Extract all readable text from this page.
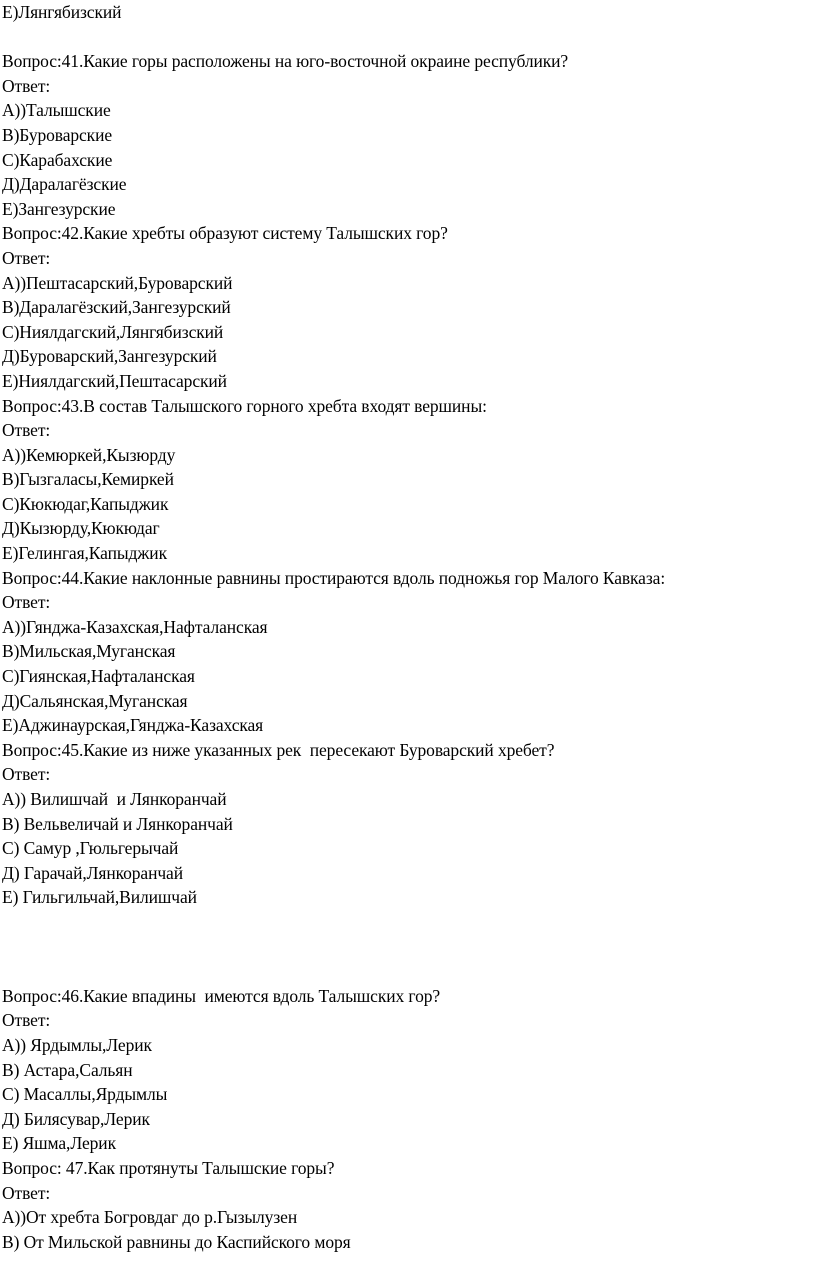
E)Лянгябизский
Вопрос:41.Какие горы расположены на юго-восточной окраине республики?
Ответ:
A))Талышские
B)Буроварские
C)Карабахские
Д)Даралагёзские
E)Зангезурские
Вопрос:42.Какие хребты образуют систему Талышских гор?
Ответ:
A))Пештасарский,Буроварский
B)Даралагёзский,Зангезурский
C)Ниялдагский,Лянгябизский
Д)Буроварский,Зангезурский
E)Ниялдагский,Пештасарский
Вопрос:43.В состав Талышского горного хребта входят вершины:
Ответ:
A))Кемюркей,Кызюрду
B)Гызгаласы,Кемиркей
C)Кюкюдаг,Капыджик
Д)Кызюрду,Кюкюдаг
E)Гелингая,Капыджик
Вопрос:44.Какие наклонные равнины простираются вдоль подножья гор Малого Кавказа:
Ответ:
A))Гянджа-Казахская,Нафталанская
B)Мильская,Муганская
C)Гиянская,Нафталанская
Д)Сальянская,Муганская
E)Аджинаурская,Гянджа-Казахская
Вопрос:45.Какие из ниже указанных рек  пересекают Буроварский хребет?
Ответ:
A)) Вилишчай  и Лянкоранчай
B) Вельвеличай и Лянкоранчай
C) Самур ,Гюльгерычай
Д) Гарачай,Лянкоранчай
E) Гильгильчай,Вилишчай
Вопрос:46.Какие впадины  имеются вдоль Талышских гор?
Ответ:
A)) Ярдымлы,Лерик
B) Астара,Сальян
C) Масаллы,Ярдымлы
Д) Билясувар,Лерик
E) Яшма,Лерик
Вопрос: 47.Как протянуты Талышские горы?
Ответ:
A))От хребта Богровдаг до р.Гызылузен
B) От Мильской равнины до Каспийского моря
